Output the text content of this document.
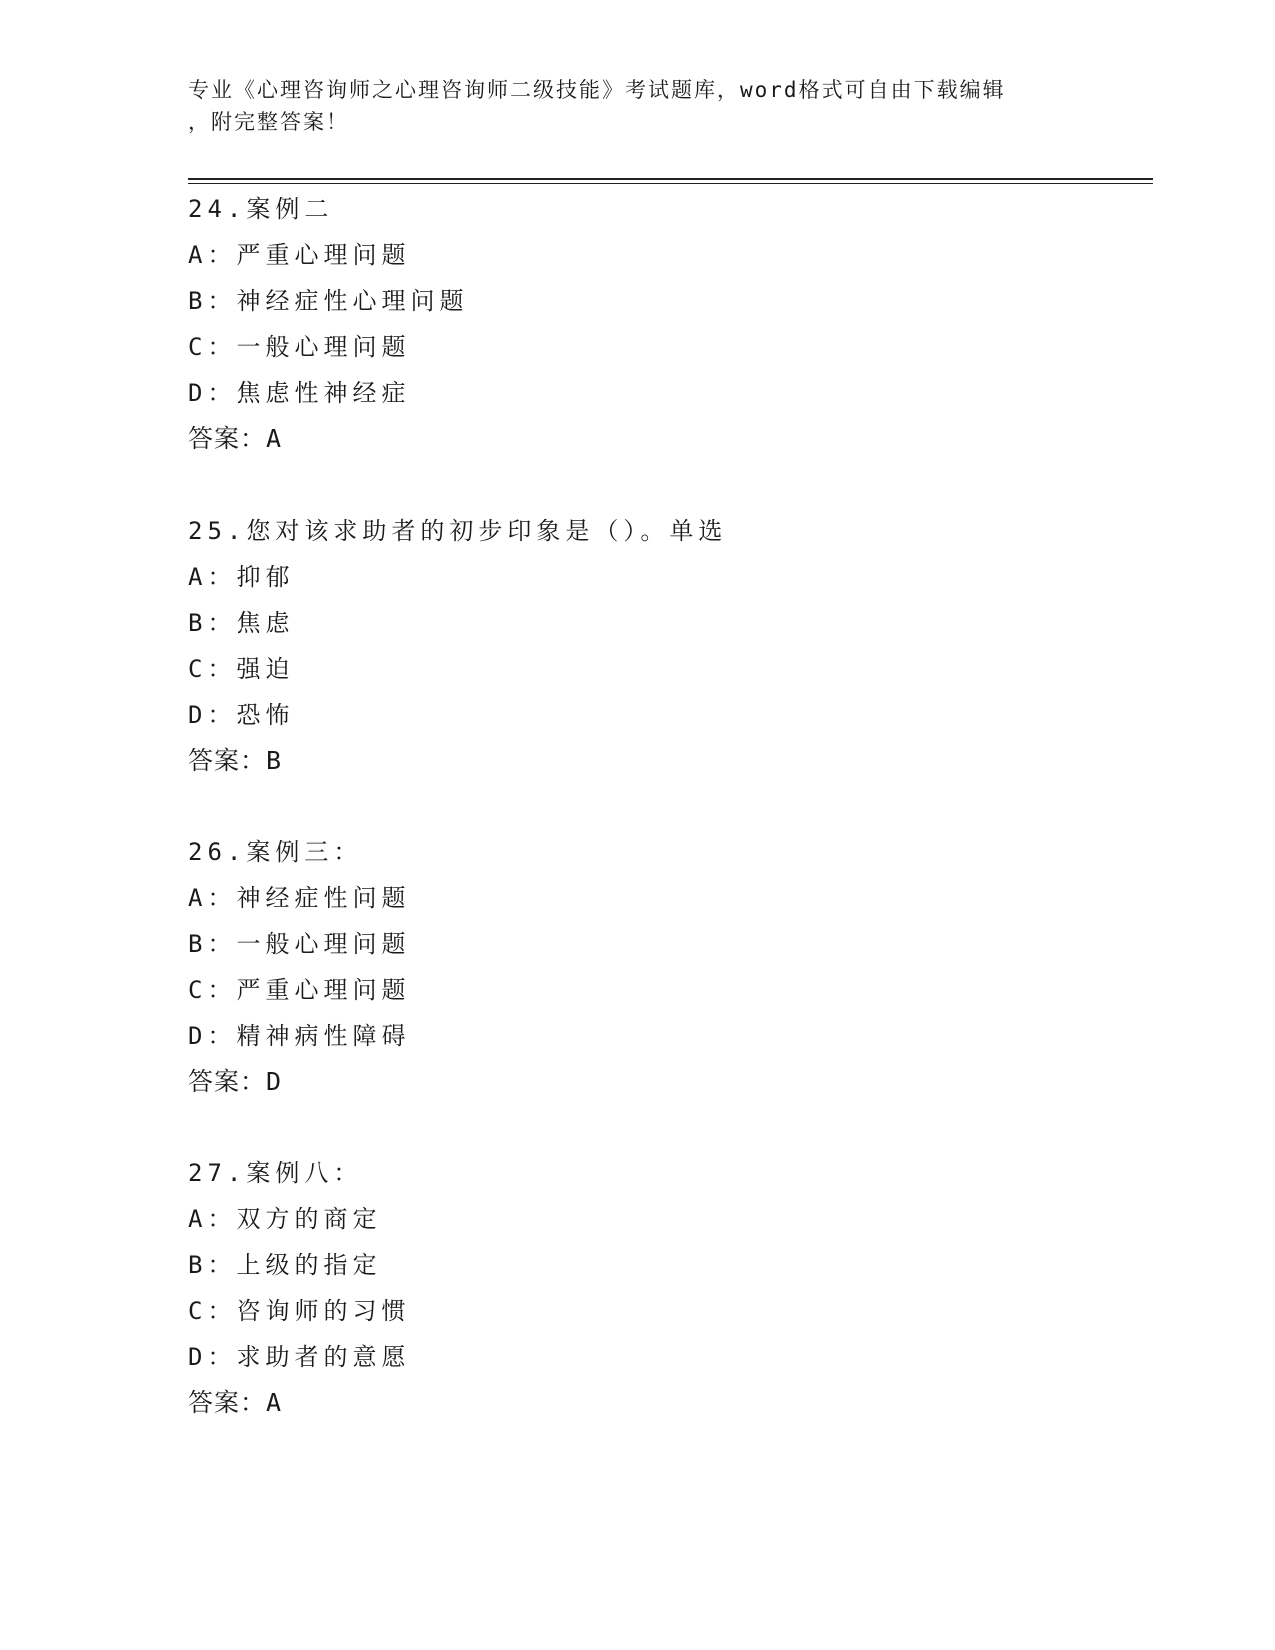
专业《心理咨询师之心理咨询师二级技能》考试题库，word格式可自由下载编辑
，附完整答案！
24.案例二
A：严重心理问题
B：神经症性心理问题
C：一般心理问题
D：焦虑性神经症
答案：A
25.您对该求助者的初步印象是（）。单选
A：抑郁
B：焦虑
C：强迫
D：恐怖
答案：B
26.案例三：
A：神经症性问题
B：一般心理问题
C：严重心理问题
D：精神病性障碍
答案：D
27.案例八：
A：双方的商定
B：上级的指定
C：咨询师的习惯
D：求助者的意愿
答案：A
